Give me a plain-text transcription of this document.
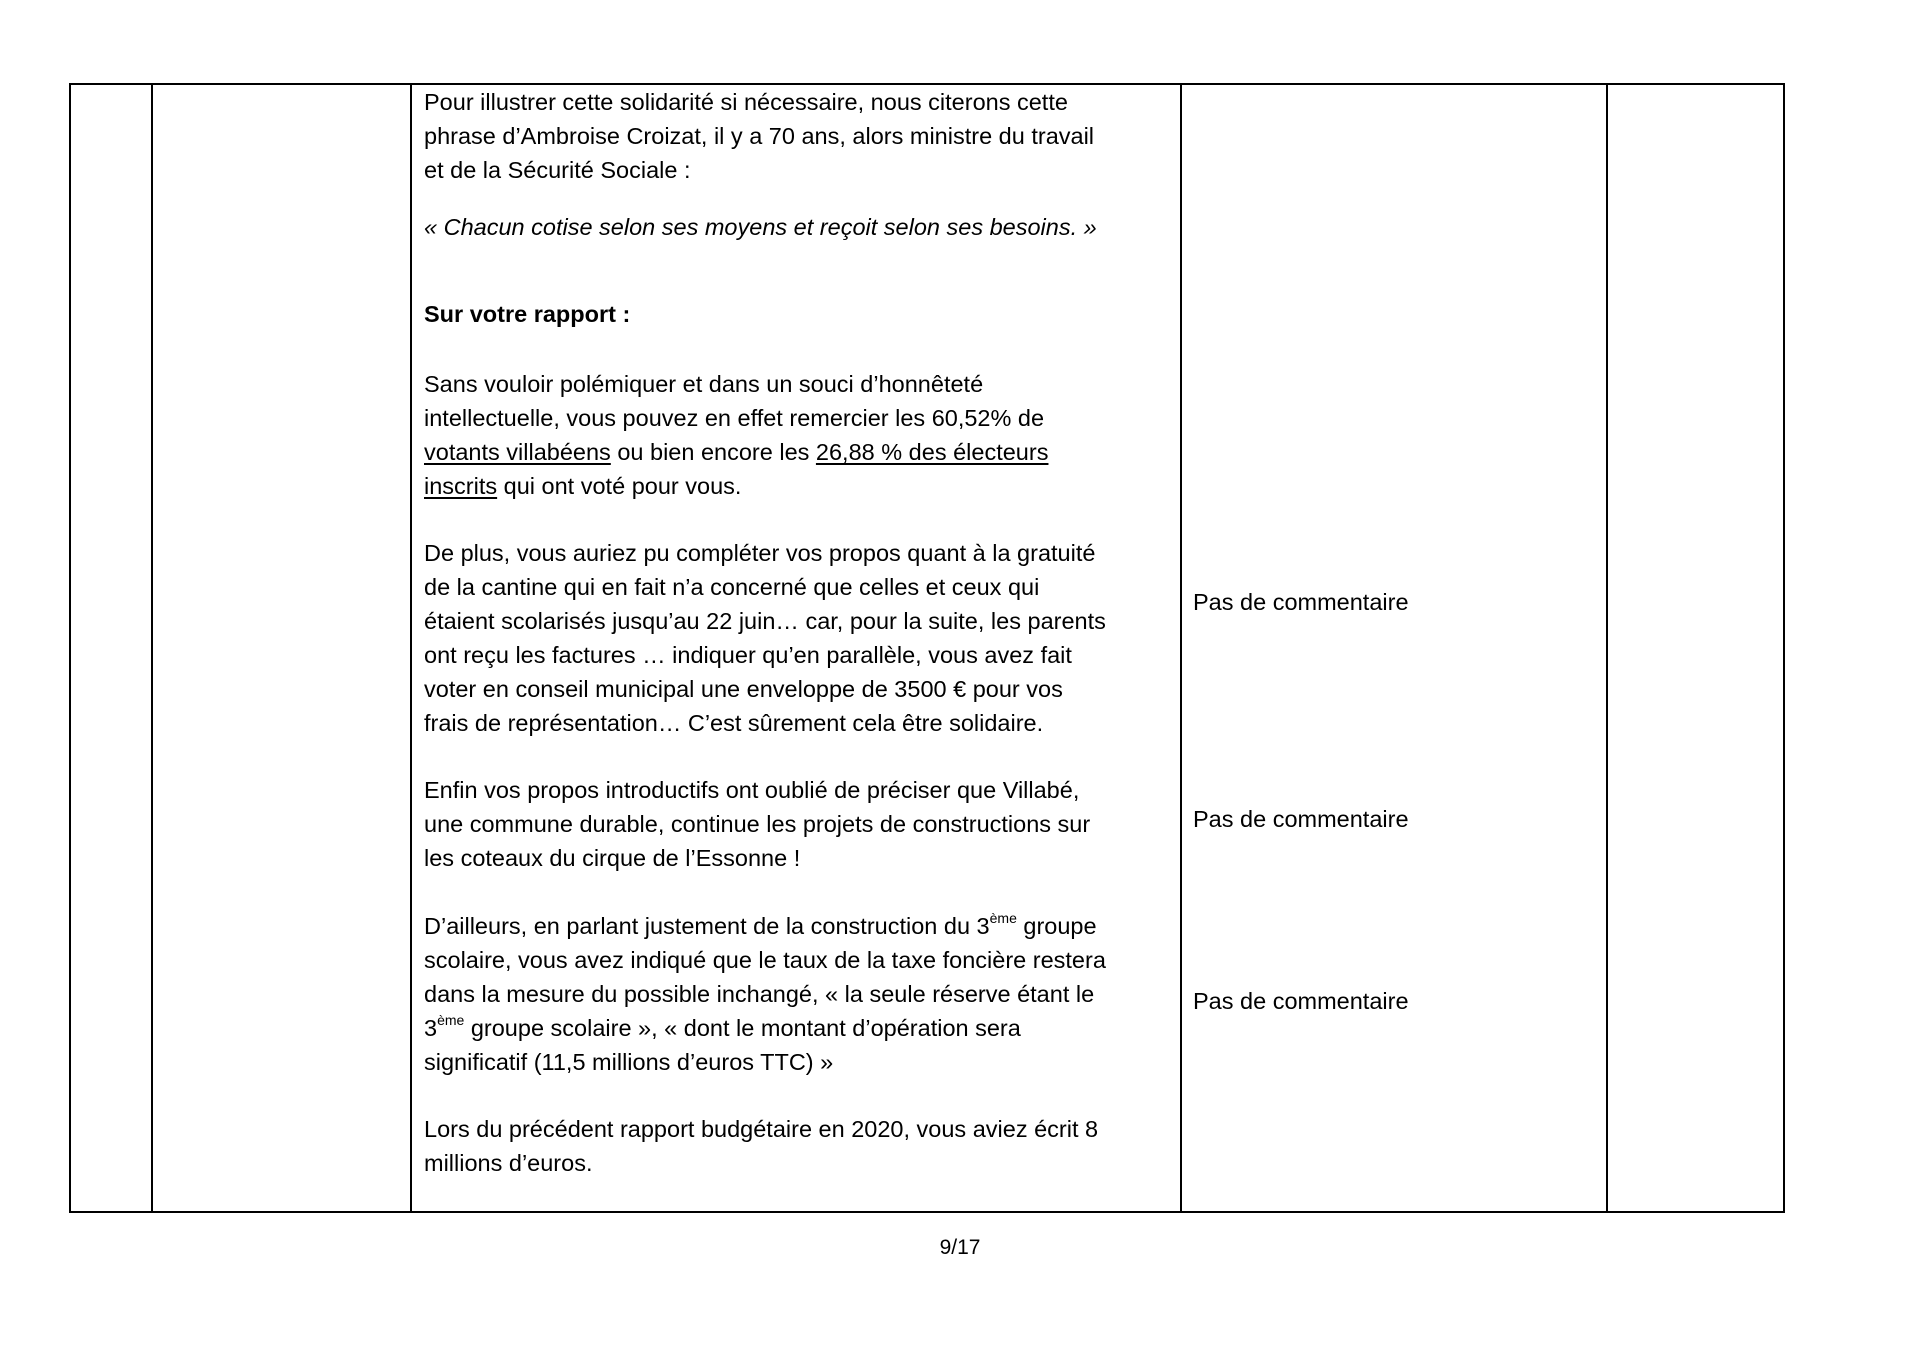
Pour illustrer cette solidarité si nécessaire, nous citerons cette
phrase d’Ambroise Croizat, il y a 70 ans, alors ministre du travail
et de la Sécurité Sociale :

« Chacun cotise selon ses moyens et reçoit selon ses besoins. »

Sur votre rapport :

Sans vouloir polémiquer et dans un souci d’honnêteté
intellectuelle, vous pouvez en effet remercier les 60,52% de
votants villabéens ou bien encore les 26,88 % des électeurs
inscrits qui ont voté pour vous.

De plus, vous auriez pu compléter vos propos quant à la gratuité
de la cantine qui en fait n’a concerné que celles et ceux qui
étaient scolarisés jusqu’au 22 juin… car, pour la suite, les parents
ont reçu les factures … indiquer qu’en parallèle, vous avez fait
voter en conseil municipal une enveloppe de 3500 € pour vos
frais de représentation… C’est sûrement cela être solidaire.

Enfin vos propos introductifs ont oublié de préciser que Villabé,
une commune durable, continue les projets de constructions sur
les coteaux du cirque de l’Essonne !

D’ailleurs, en parlant justement de la construction du 3ème groupe
scolaire, vous avez indiqué que le taux de la taxe foncière restera
dans la mesure du possible inchangé, « la seule réserve étant le
3ème groupe scolaire », « dont le montant d’opération sera
significatif (11,5 millions d’euros TTC) »

Lors du précédent rapport budgétaire en 2020, vous aviez écrit 8
millions d’euros.

Pas de commentaire
Pas de commentaire
Pas de commentaire
9/17
